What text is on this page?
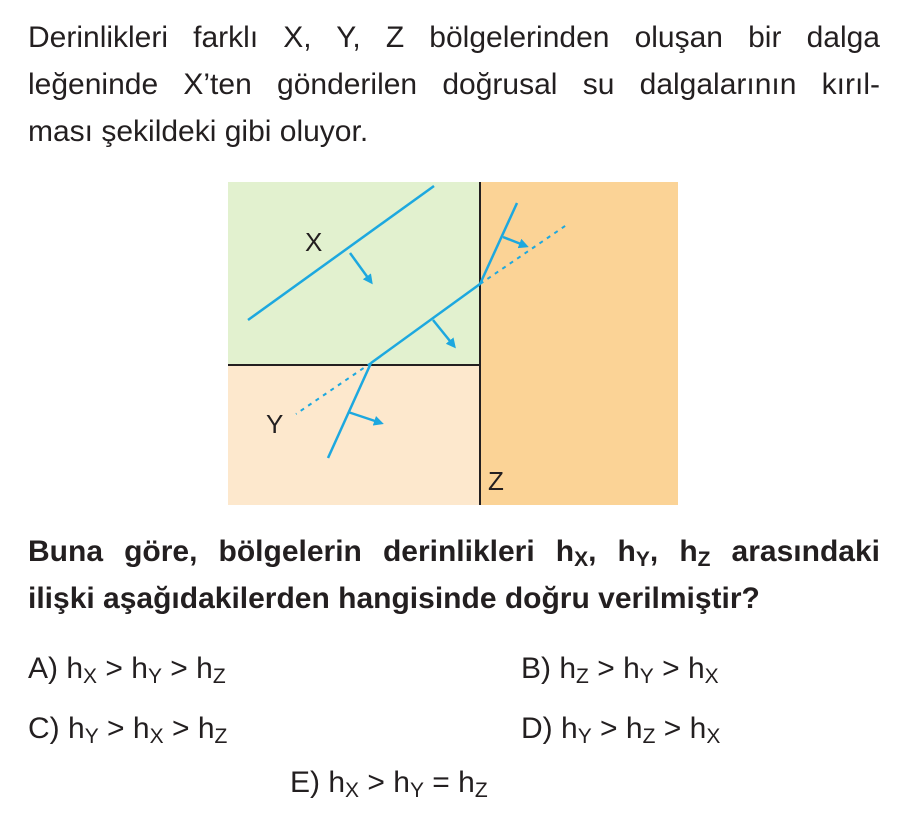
Derinlikleri farklı X, Y, Z bölgelerinden oluşan bir dalga
leğeninde X’ten gönderilen doğrusal su dalgalarının kırıl-
ması şekildeki gibi oluyor.
X
Y
Z
Buna göre, bölgelerin derinlikleri $h_X$, $h_Y$, $h_Z$ arasındaki
ilişki aşağıdakilerden hangisinde doğru verilmiştir?
A) $h_X > h_Y > h_Z$	B) $h_Z > h_Y > h_X$
C) $h_Y > h_X > h_Z$	D) $h_Y > h_Z > h_X$
E) $h_X > h_Y = h_Z$
